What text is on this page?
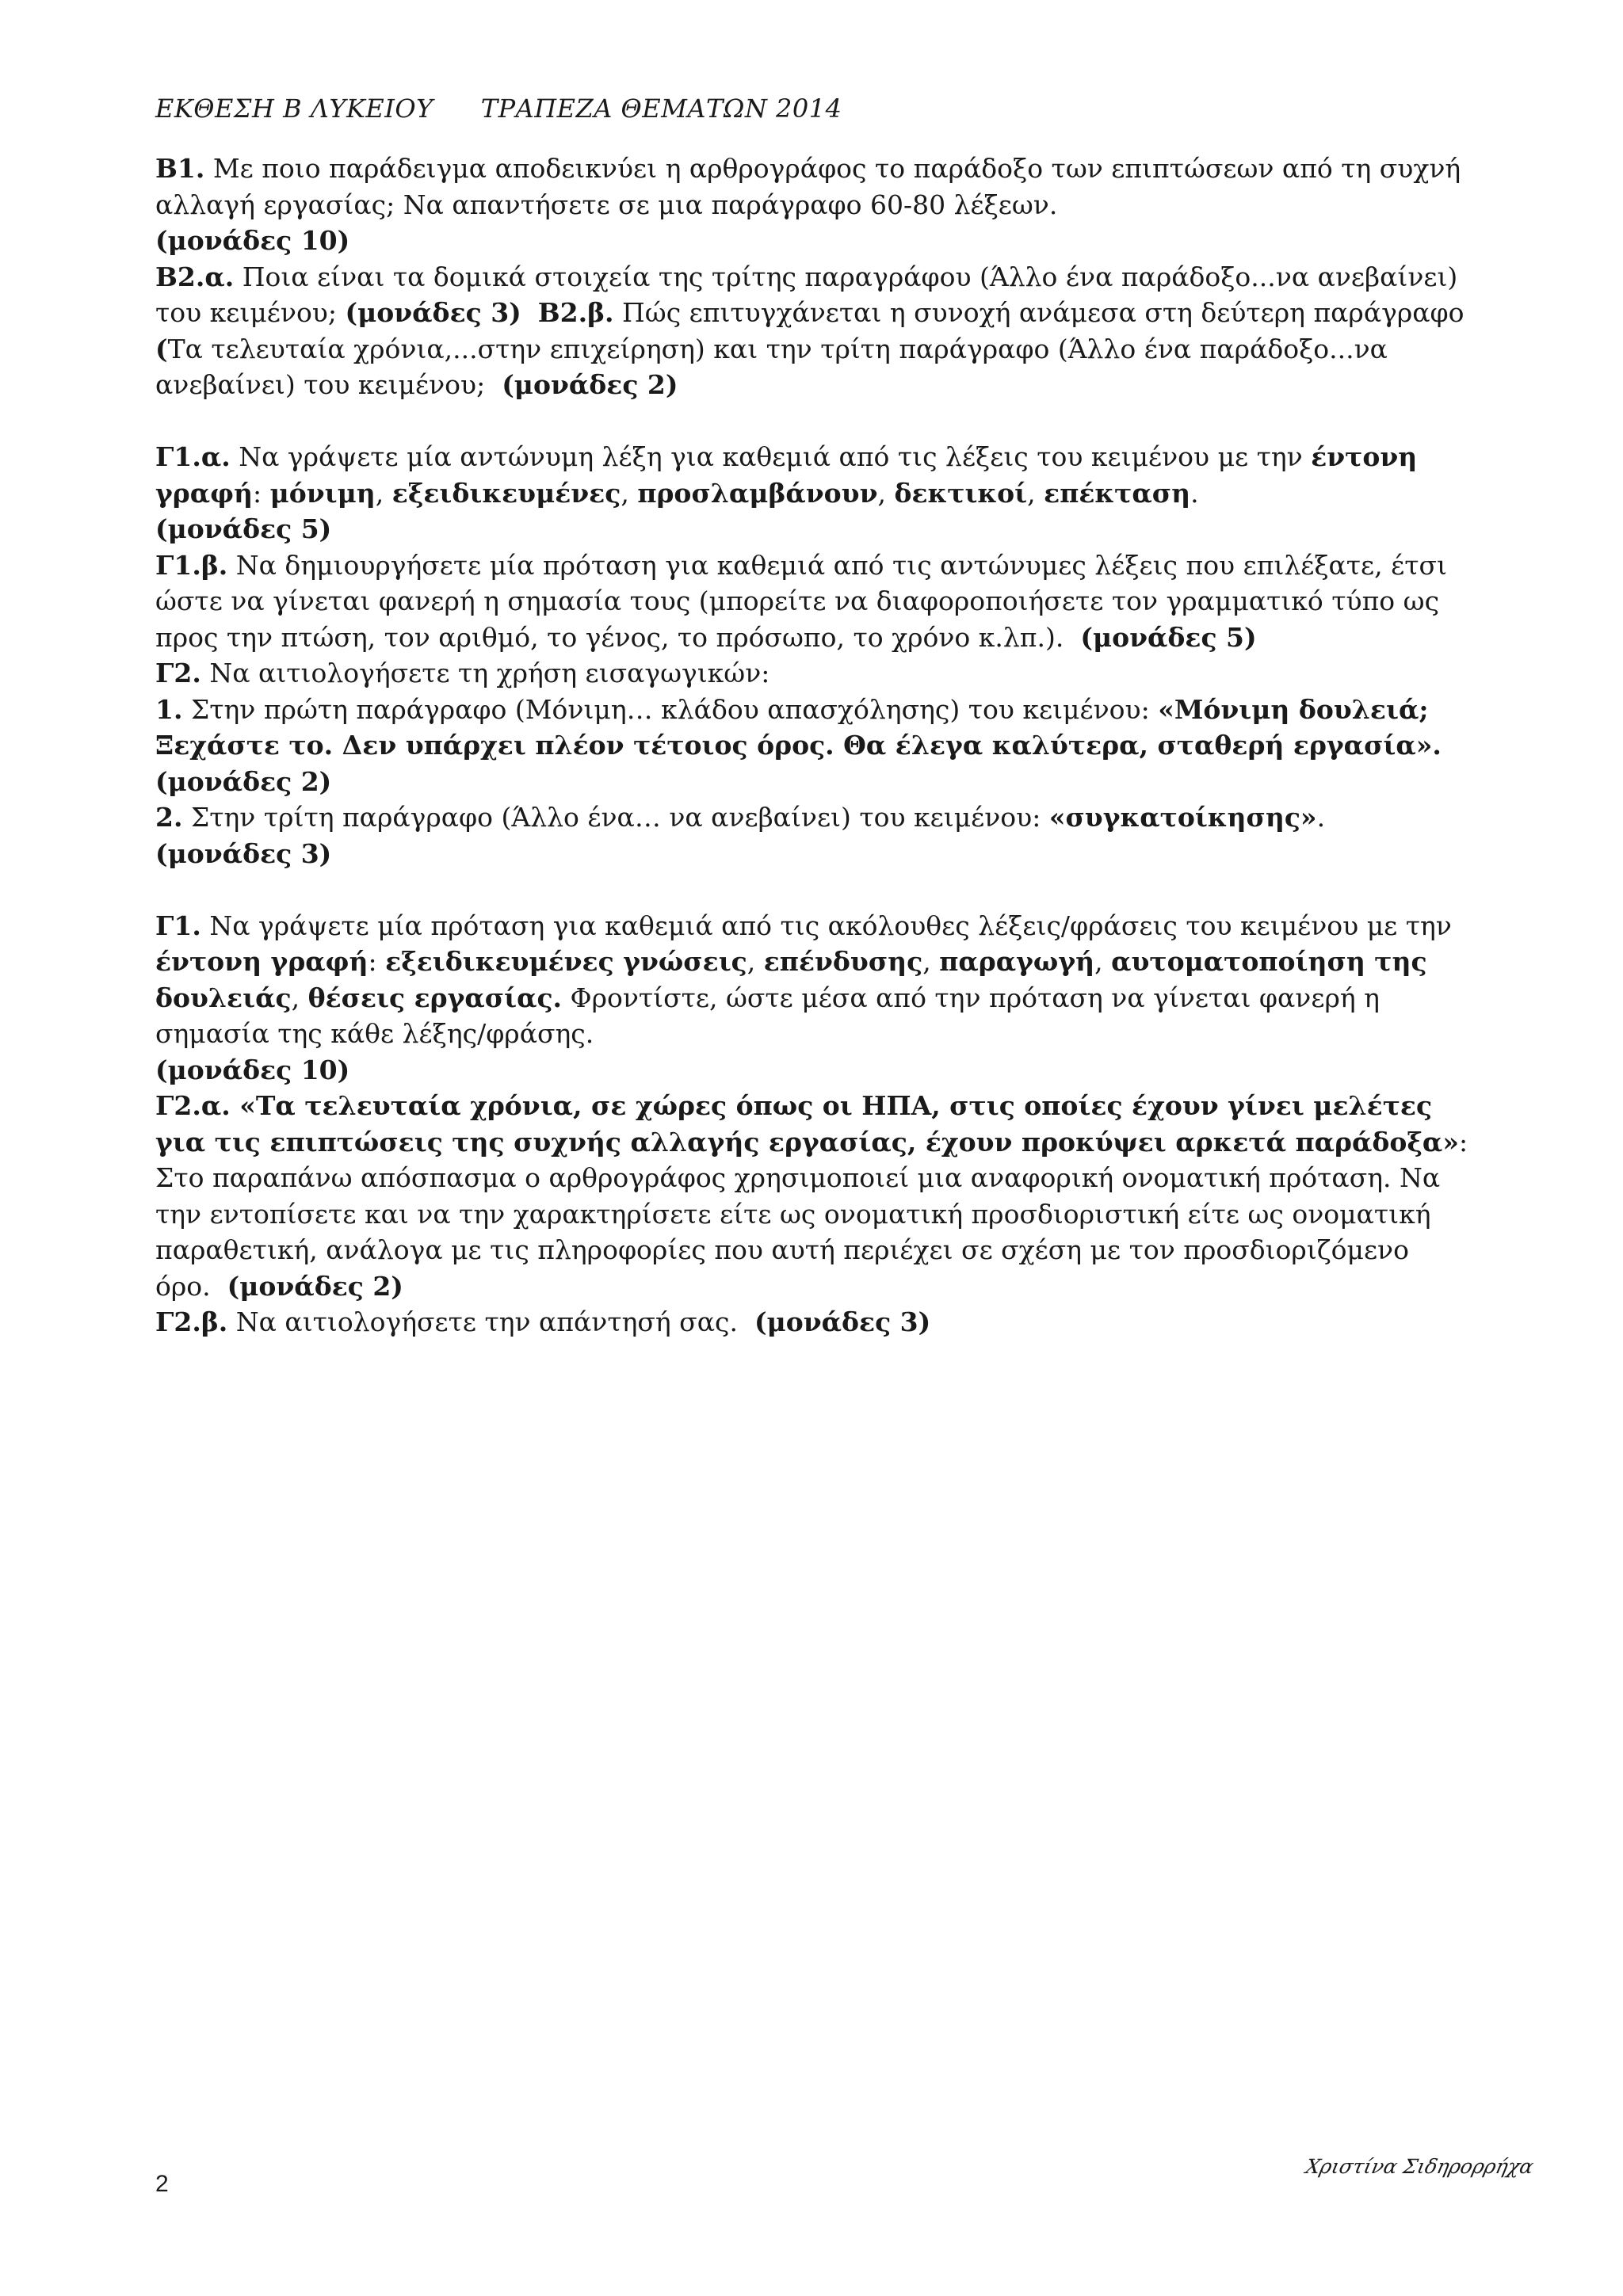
ΕΚΘΕΣΗ Β ΛΥΚΕΙΟΥ ΤΡΑΠΕΖΑ ΘΕΜΑΤΩΝ 2014

Β1. Με ποιο παράδειγμα αποδεικνύει η αρθρογράφος το παράδοξο των επιπτώσεων από τη συχνή αλλαγή εργασίας; Να απαντήσετε σε μια παράγραφο 60-80 λέξεων.

(μονάδες 10)

Β2.α. Ποια είναι τα δομικά στοιχεία της τρίτης παραγράφου (Άλλο ένα παράδοξο...να ανεβαίνει) του κειμένου; (μονάδες 3) Β2.β. Πώς επιτυγχάνεται η συνοχή ανάμεσα στη δεύτερη παράγραφο (Τα τελευταία χρόνια,...στην επιχείρηση) και την τρίτη παράγραφο (Άλλο ένα παράδοξο...να ανεβαίνει) του κειμένου;  (μονάδες 2)

Γ1.α. Να γράψετε μία αντώνυμη λέξη για καθεμιά από τις λέξεις του κειμένου με την έντονη γραφή: μόνιμη, εξειδικευμένες, προσλαμβάνουν, δεκτικοί, επέκταση.

(μονάδες 5)

Γ1.β. Να δημιουργήσετε μία πρόταση για καθεμιά από τις αντώνυμες λέξεις που επιλέξατε, έτσι ώστε να γίνεται φανερή η σημασία τους (μπορείτε να διαφοροποιήσετε τον γραμματικό τύπο ως προς την πτώση, τον αριθμό, το γένος, το πρόσωπο, το χρόνο κ.λπ.).  (μονάδες 5)

Γ2. Να αιτιολογήσετε τη χρήση εισαγωγικών:

1. Στην πρώτη παράγραφο (Μόνιμη… κλάδου απασχόλησης) του κειμένου: «Μόνιμη δουλειά; Ξεχάστε το. Δεν υπάρχει πλέον τέτοιος όρος. Θα έλεγα καλύτερα, σταθερή εργασία».  (μονάδες 2)

2. Στην τρίτη παράγραφο (Άλλο ένα… να ανεβαίνει) του κειμένου: «συγκατοίκησης».

(μονάδες 3)

Γ1. Να γράψετε μία πρόταση για καθεμιά από τις ακόλουθες λέξεις/φράσεις του κειμένου με την έντονη γραφή: εξειδικευμένες γνώσεις, επένδυσης, παραγωγή, αυτοματοποίηση της δουλειάς, θέσεις εργασίας. Φροντίστε, ώστε μέσα από την πρόταση να γίνεται φανερή η σημασία της κάθε λέξης/φράσης.

(μονάδες 10)

Γ2.α. «Τα τελευταία χρόνια, σε χώρες όπως οι ΗΠΑ, στις οποίες έχουν γίνει μελέτες για τις επιπτώσεις της συχνής αλλαγής εργασίας, έχουν προκύψει αρκετά παράδοξα»: Στο παραπάνω απόσπασμα ο αρθρογράφος χρησιμοποιεί μια αναφορική ονοματική πρόταση. Να την εντοπίσετε και να την χαρακτηρίσετε είτε ως ονοματική προσδιοριστική είτε ως ονοματική παραθετική, ανάλογα με τις πληροφορίες που αυτή περιέχει σε σχέση με τον προσδιοριζόμενο όρο.  (μονάδες 2)

Γ2.β. Να αιτιολογήσετε την απάντησή σας.  (μονάδες 3)

2
Χριστίνα Σιδηρορρήχα
